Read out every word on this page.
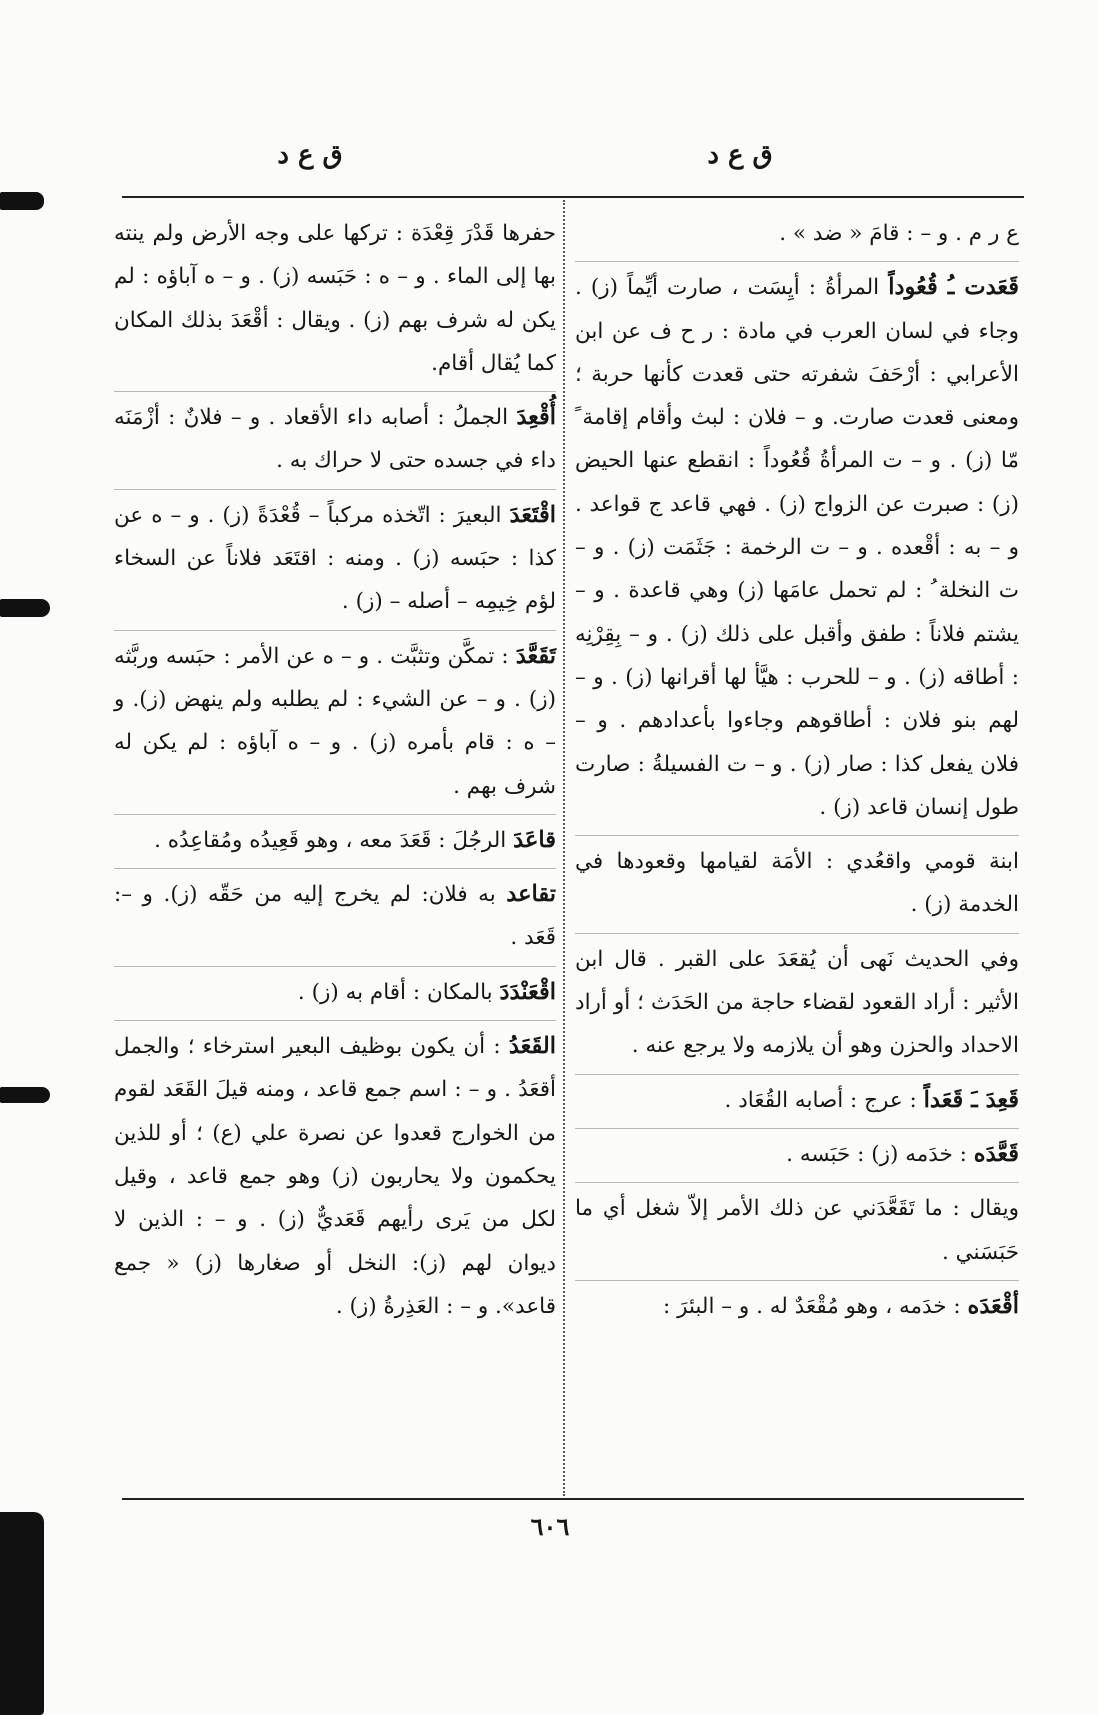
ق ع د
ق ع د

ع ر م . و – : قامَ « ضد » .

قَعَدت ـُ قُعُوداً المرأةُ : أيِسَت ، صارت أيِّماً (ز) . وجاء في لسان العرب في مادة : ر ح ف عن ابن الأعرابي : أرْحَفَ شفرته حتى قعدت كأنها حربة ؛ ومعنى قعدت صارت. و – فلان : لبث وأقام إقامة ً مّا (ز) . و – ت المرأةُ قُعُوداً : انقطع عنها الحيض (ز) : صبرت عن الزواج (ز) . فهي قاعد ج قواعد . و – به : أقْعده . و – ت الرخمة : جَثَمَت (ز) . و – ت النخلة ُ : لم تحمل عامَها (ز) وهي قاعدة . و – يشتم فلاناً : طفق وأقبل على ذلك (ز) . و – بِقِرْنِه : أطاقه (ز) . و – للحرب : هيَّأ لها أقرانها (ز) . و – لهم بنو فلان : أطاقوهم وجاءوا بأعدادهم . و – فلان يفعل كذا : صار (ز) . و – ت الفسيلةُ : صارت طول إنسان قاعد (ز) .

ابنة قومي واقعُدي : الأمَة لقيامها وقعودها في الخدمة (ز) .

وفي الحديث نَهى أن يُقعَدَ على القبر . قال ابن الأثير : أراد القعود لقضاء حاجة من الحَدَث ؛ أو أراد الاحداد والحزن وهو أن يلازمه ولا يرجع عنه .

قَعِدَ ـَ قَعَداً : عرج : أصابه القُعَاد .

قَعَّدَه : خدَمه (ز) : حَبَسه .

ويقال : ما تَقَعَّدَني عن ذلك الأمر إلاّ شغل أي ما حَبَسَني .

أقْعَدَه : خدَمه ، وهو مُقْعَدٌ له . و – البئرَ :

حفرها قَدْرَ قِعْدَة : تركها على وجه الأرض ولم ينته بها إلى الماء . و – ه : حَبَسه (ز) . و – ه آباؤه : لم يكن له شرف بهم (ز) . ويقال : أقْعَدَ بذلك المكان كما يُقال أقام.

أُقْعِدَ الجملُ : أصابه داء الأقعاد . و – فلانٌ : أزْمَنَه داء في جسده حتى لا حراك به .

اقْتَعَدَ البعيرَ : اتّخذه مركباً – قُعْدَةً (ز) . و – ه عن كذا : حبَسه (ز) . ومنه : اقتَعَد فلاناً عن السخاء لؤم خِيمِه – أصله – (ز) .

تَقَعَّدَ : تمكَّن وتثبَّت . و – ه عن الأمر : حبَسه وربَّثه (ز) . و – عن الشيء : لم يطلبه ولم ينهض (ز). و – ه : قام بأمره (ز) . و – ه آباؤه : لم يكن له شرف بهم .

قاعَدَ الرجُلَ : قَعَدَ معه ، وهو قَعِيدُه ومُقاعِدُه .

تقاعد به فلان: لم يخرج إليه من حَقّه (ز). و –: قَعَد .

اقْعَنْدَدَ بالمكان : أقام به (ز) .

القَعَدُ : أن يكون بوظيف البعير استرخاء ؛ والجمل أقعَدُ . و – : اسم جمع قاعد ، ومنه قيلَ القَعَد لقوم من الخوارج قعدوا عن نصرة علي (ع) ؛ أو للذين يحكمون ولا يحاربون (ز) وهو جمع قاعد ، وقيل لكل من يَرى رأيهم قَعَديٌّ (ز) . و – : الذين لا ديوان لهم (ز): النخل أو صغارها (ز) « جمع قاعد». و – : العَذِرةُ (ز) .

٦٠٦
